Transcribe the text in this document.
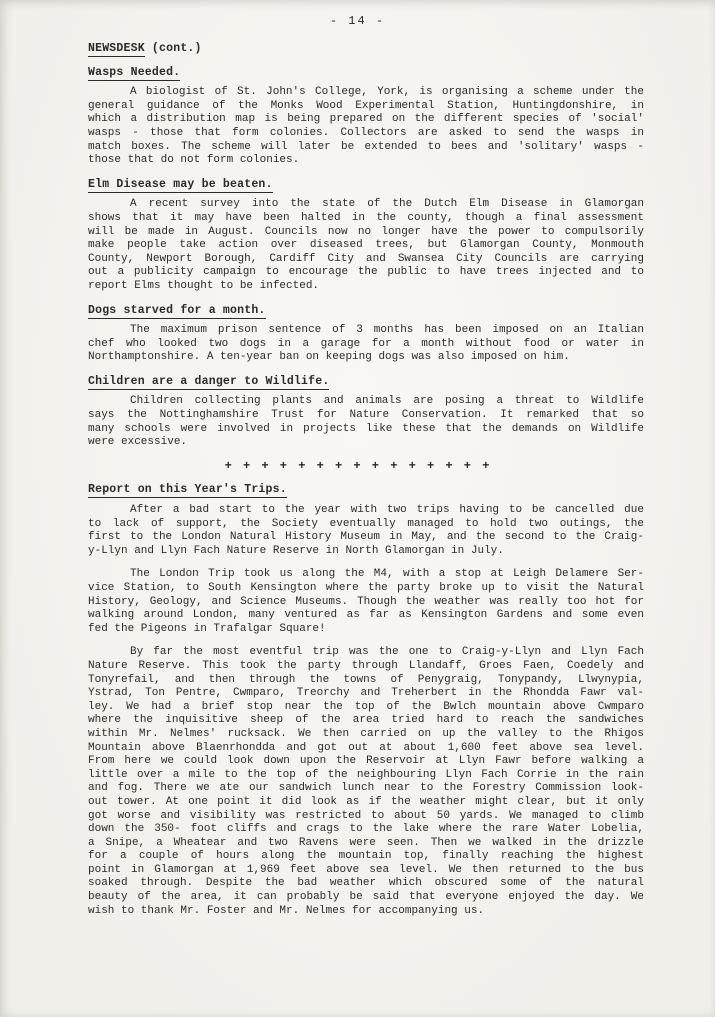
- 14 -
NEWSDESK (cont.)
Wasps Needed.
A biologist of St. John's College, York, is organising a scheme under the
general guidance of the Monks Wood Experimental Station, Huntingdonshire, in
which a distribution map is being prepared on the different species of 'social'
wasps - those that form colonies. Collectors are asked to send the wasps in
match boxes. The scheme will later be extended to bees and 'solitary' wasps -
those that do not form colonies.
Elm Disease may be beaten.
A recent survey into the state of the Dutch Elm Disease in Glamorgan
shows that it may have been halted in the county, though a final assessment
will be made in August. Councils now no longer have the power to compulsorily
make people take action over diseased trees, but Glamorgan County, Monmouth
County, Newport Borough, Cardiff City and Swansea City Councils are carrying
out a publicity campaign to encourage the public to have trees injected and to
report Elms thought to be infected.
Dogs starved for a month.
The maximum prison sentence of 3 months has been imposed on an Italian
chef who looked two dogs in a garage for a month without food or water in
Northamptonshire. A ten-year ban on keeping dogs was also imposed on him.
Children are a danger to Wildlife.
Children collecting plants and animals are posing a threat to Wildlife
says the Nottinghamshire Trust for Nature Conservation. It remarked that so
many schools were involved in projects like these that the demands on Wildlife
were excessive.
+ + + + + + + + + + + + + + +
Report on this Year's Trips.
After a bad start to the year with two trips having to be cancelled due
to lack of support, the Society eventually managed to hold two outings, the
first to the London Natural History Museum in May, and the second to the Craig-
y-Llyn and Llyn Fach Nature Reserve in North Glamorgan in July.
The London Trip took us along the M4, with a stop at Leigh Delamere Ser-
vice Station, to South Kensington where the party broke up to visit the Natural
History, Geology, and Science Museums. Though the weather was really too hot for
walking around London, many ventured as far as Kensington Gardens and some even
fed the Pigeons in Trafalgar Square!
By far the most eventful trip was the one to Craig-y-Llyn and Llyn Fach
Nature Reserve. This took the party through Llandaff, Groes Faen, Coedely and
Tonyrefail, and then through the towns of Penygraig, Tonypandy, Llwynypia,
Ystrad, Ton Pentre, Cwmparo, Treorchy and Treherbert in the Rhondda Fawr val-
ley. We had a brief stop near the top of the Bwlch mountain above Cwmparo
where the inquisitive sheep of the area tried hard to reach the sandwiches
within Mr. Nelmes' rucksack. We then carried on up the valley to the Rhigos
Mountain above Blaenrhondda and got out at about 1,600 feet above sea level.
From here we could look down upon the Reservoir at Llyn Fawr before walking a
little over a mile to the top of the neighbouring Llyn Fach Corrie in the rain
and fog. There we ate our sandwich lunch near to the Forestry Commission look-
out tower. At one point it did look as if the weather might clear, but it only
got worse and visibility was restricted to about 50 yards. We managed to climb
down the 350- foot cliffs and crags to the lake where the rare Water Lobelia,
a Snipe, a Wheatear and two Ravens were seen. Then we walked in the drizzle
for a couple of hours along the mountain top, finally reaching the highest
point in Glamorgan at 1,969 feet above sea level. We then returned to the bus
soaked through. Despite the bad weather which obscured some of the natural
beauty of the area, it can probably be said that everyone enjoyed the day. We
wish to thank Mr. Foster and Mr. Nelmes for accompanying us.
